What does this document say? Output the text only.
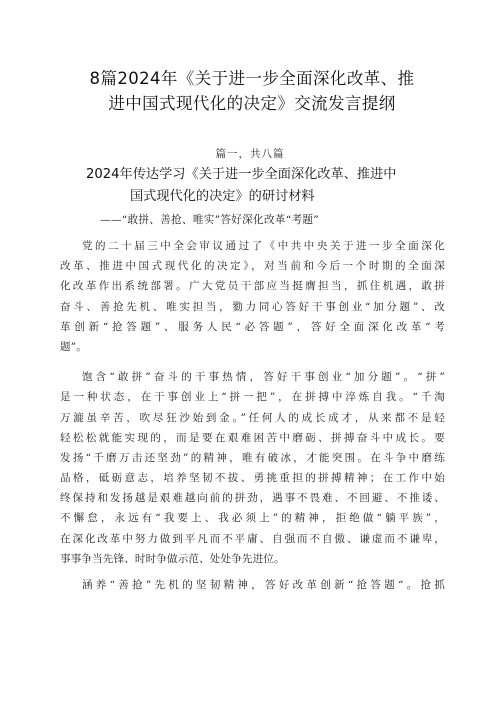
8篇2024年《关于进一步全面深化改革、推
进中国式现代化的决定》交流发言提纲
篇一，共八篇
2024年传达学习《关于进一步全面深化改革、推进中
国式现代化的决定》的研讨材料
——“敢拼、善抢、唯实”答好深化改革“考题”
党的二十届三中全会审议通过了《中共中央关于进一步全面深化
改革、推进中国式现代化的决定》，对当前和今后一个时期的全面深
化改革作出系统部署。广大党员干部应当挺膺担当，抓住机遇，敢拼
奋斗、善抢先机、唯实担当，勠力同心答好干事创业“加分题”、改
革创新“抢答题”、服务人民“必答题”，答好全面深化改革“考
题”。
饱含“敢拼”奋斗的干事热情，答好干事创业“加分题”。“拼”
是一种状态，在干事创业上“拼一把”，在拼搏中淬炼自我。“千淘
万漉虽辛苦，吹尽狂沙始到金。”任何人的成长成才，从来都不是轻
轻松松就能实现的，而是要在艰难困苦中磨砺、拼搏奋斗中成长。要
发扬“千磨万击还坚劲”的精神，唯有破冰，才能突围。在斗争中磨练
品格，砥砺意志，培养坚韧不拔、勇挑重担的拼搏精神；在工作中始
终保持和发扬越是艰难越向前的拼劲，遇事不畏难、不回避、不推诿、
不懈怠，永远有“我要上、我必须上”的精神，拒绝做“躺平族”，
在深化改革中努力做到平凡而不平庸、自强而不自傲、谦虚而不谦卑，
事事争当先锋、时时争做示范、处处争先进位。
涵养“善抢”先机的坚韧精神，答好改革创新“抢答题“。抢抓
